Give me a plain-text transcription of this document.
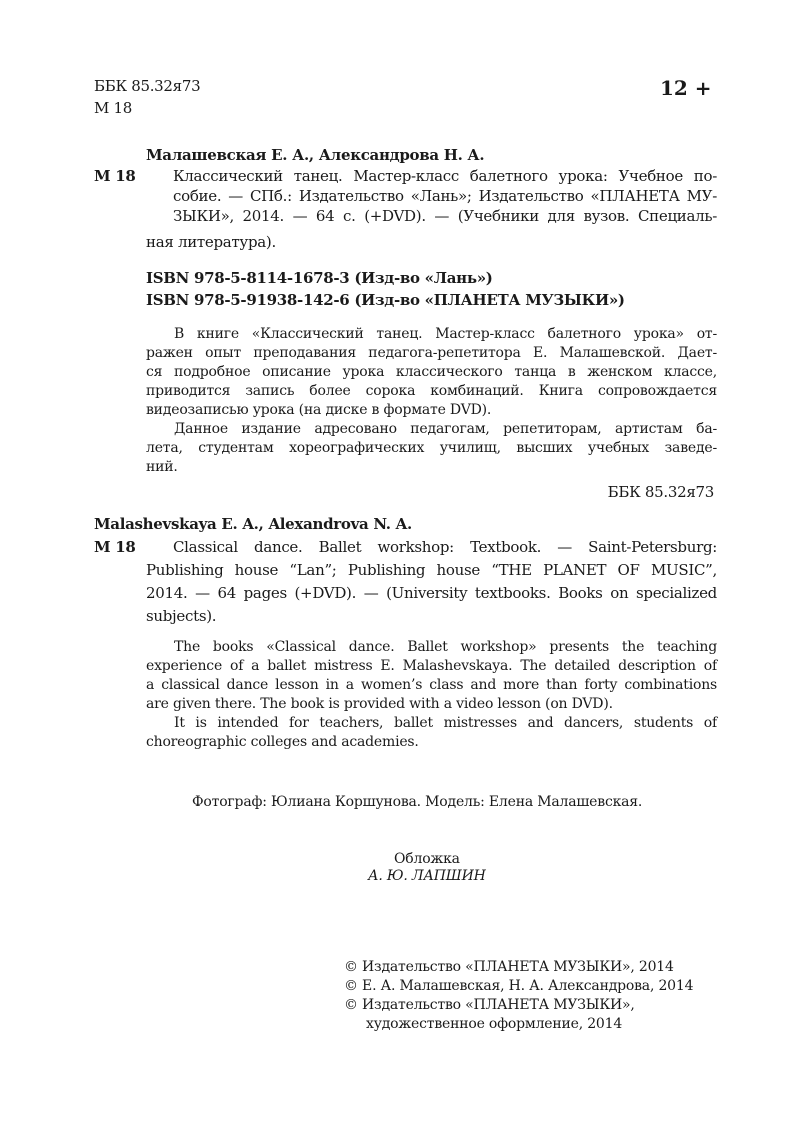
ББК 85.32я73
М 18
12 +
Малашевская Е. А., Александрова Н. А.
М 18 Классический танец. Мастер-класс балетного урока: Учебное по-
собие. — СПб.: Издательство «Лань»; Издательство «ПЛАНЕТА МУ-
ЗЫКИ», 2014. — 64 с. (+DVD). — (Учебники для вузов. Специаль-
ная литература).
ISBN 978-5-8114-1678-3 (Изд-во «Лань»)
ISBN 978-5-91938-142-6 (Изд-во «ПЛАНЕТА МУЗЫКИ»)
В книге «Классический танец. Мастер-класс балетного урока» от-
ражен опыт преподавания педагога-репетитора Е. Малашевской. Дает-
ся подробное описание урока классического танца в женском классе,
приводится запись более сорока комбинаций. Книга сопровождается
видеозаписью урока (на диске в формате DVD).
Данное издание адресовано педагогам, репетиторам, артистам ба-
лета, студентам хореографических училищ, высших учебных заведе-
ний.
ББК 85.32я73
Malashevskaya E. A., Alexandrova N. A.
M 18 Classical dance. Ballet workshop: Textbook. — Saint-Petersburg:
Publishing house “Lan”; Publishing house “THE PLANET OF MUSIC”,
2014. — 64 pages (+DVD). — (University textbooks. Books on specialized
subjects).
The books «Classical dance. Ballet workshop» presents the teaching
experience of a ballet mistress E. Malashevskaya. The detailed description of
a classical dance lesson in a women’s class and more than forty combinations
are given there. The book is provided with a video lesson (on DVD).
It is intended for teachers, ballet mistresses and dancers, students of
choreographic colleges and academies.
Фотограф: Юлиана Коршунова. Модель: Елена Малашевская.
Обложка
А. Ю. ЛАПШИН
© Издательство «ПЛАНЕТА МУЗЫКИ», 2014
© Е. А. Малашевская, Н. А. Александрова, 2014
© Издательство «ПЛАНЕТА МУЗЫКИ»,
художественное оформление, 2014
